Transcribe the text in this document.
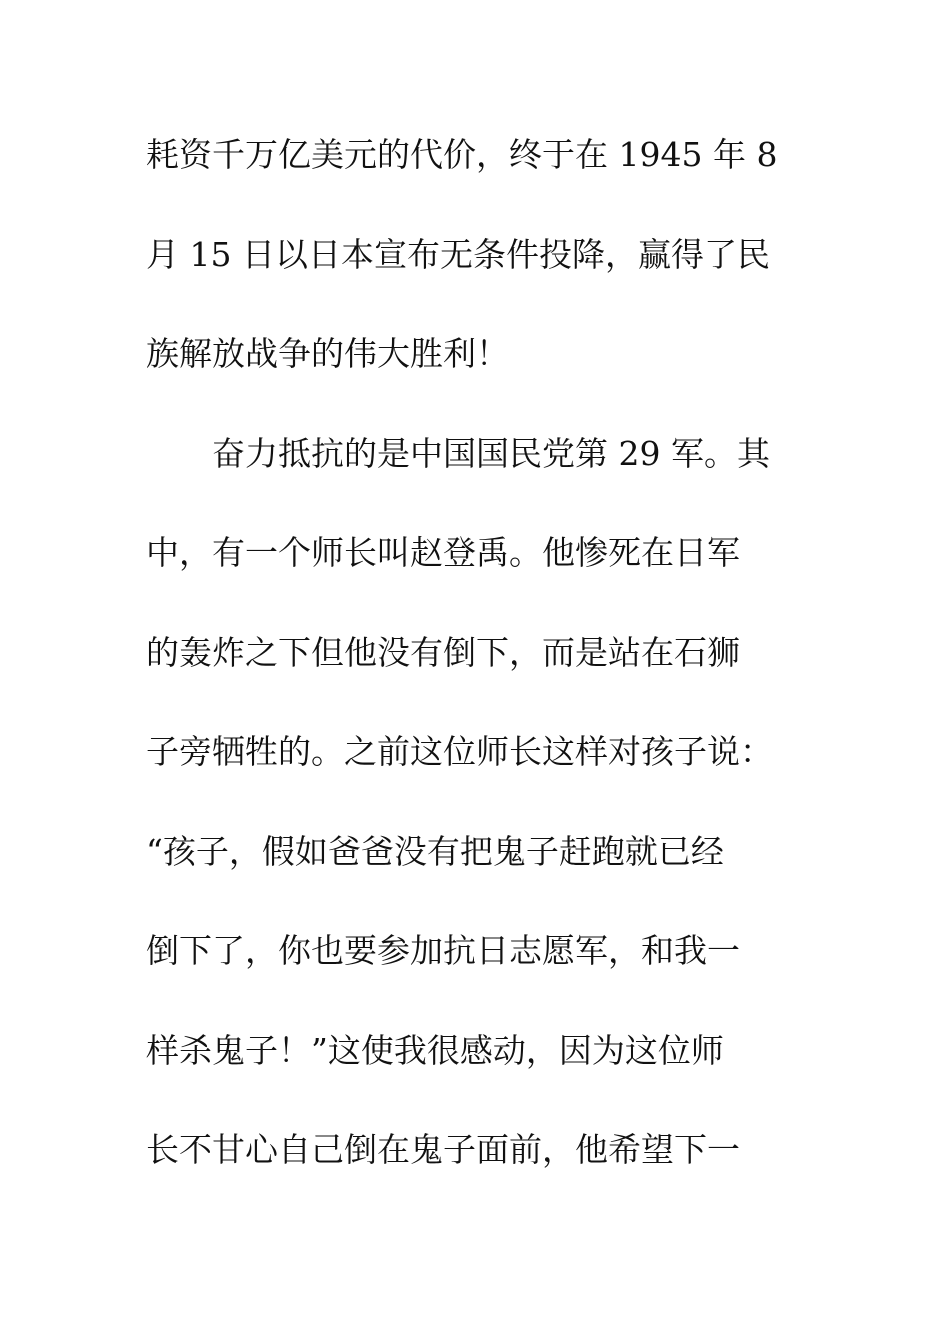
耗资千万亿美元的代价，终于在 1945 年 8
月 15 日以日本宣布无条件投降，赢得了民
族解放战争的伟大胜利！
　　奋力抵抗的是中国国民党第 29 军。其
中，有一个师长叫赵登禹。他惨死在日军
的轰炸之下但他没有倒下，而是站在石狮
子旁牺牲的。之前这位师长这样对孩子说：
“孩子，假如爸爸没有把鬼子赶跑就已经
倒下了，你也要参加抗日志愿军，和我一
样杀鬼子！”这使我很感动，因为这位师
长不甘心自己倒在鬼子面前，他希望下一
